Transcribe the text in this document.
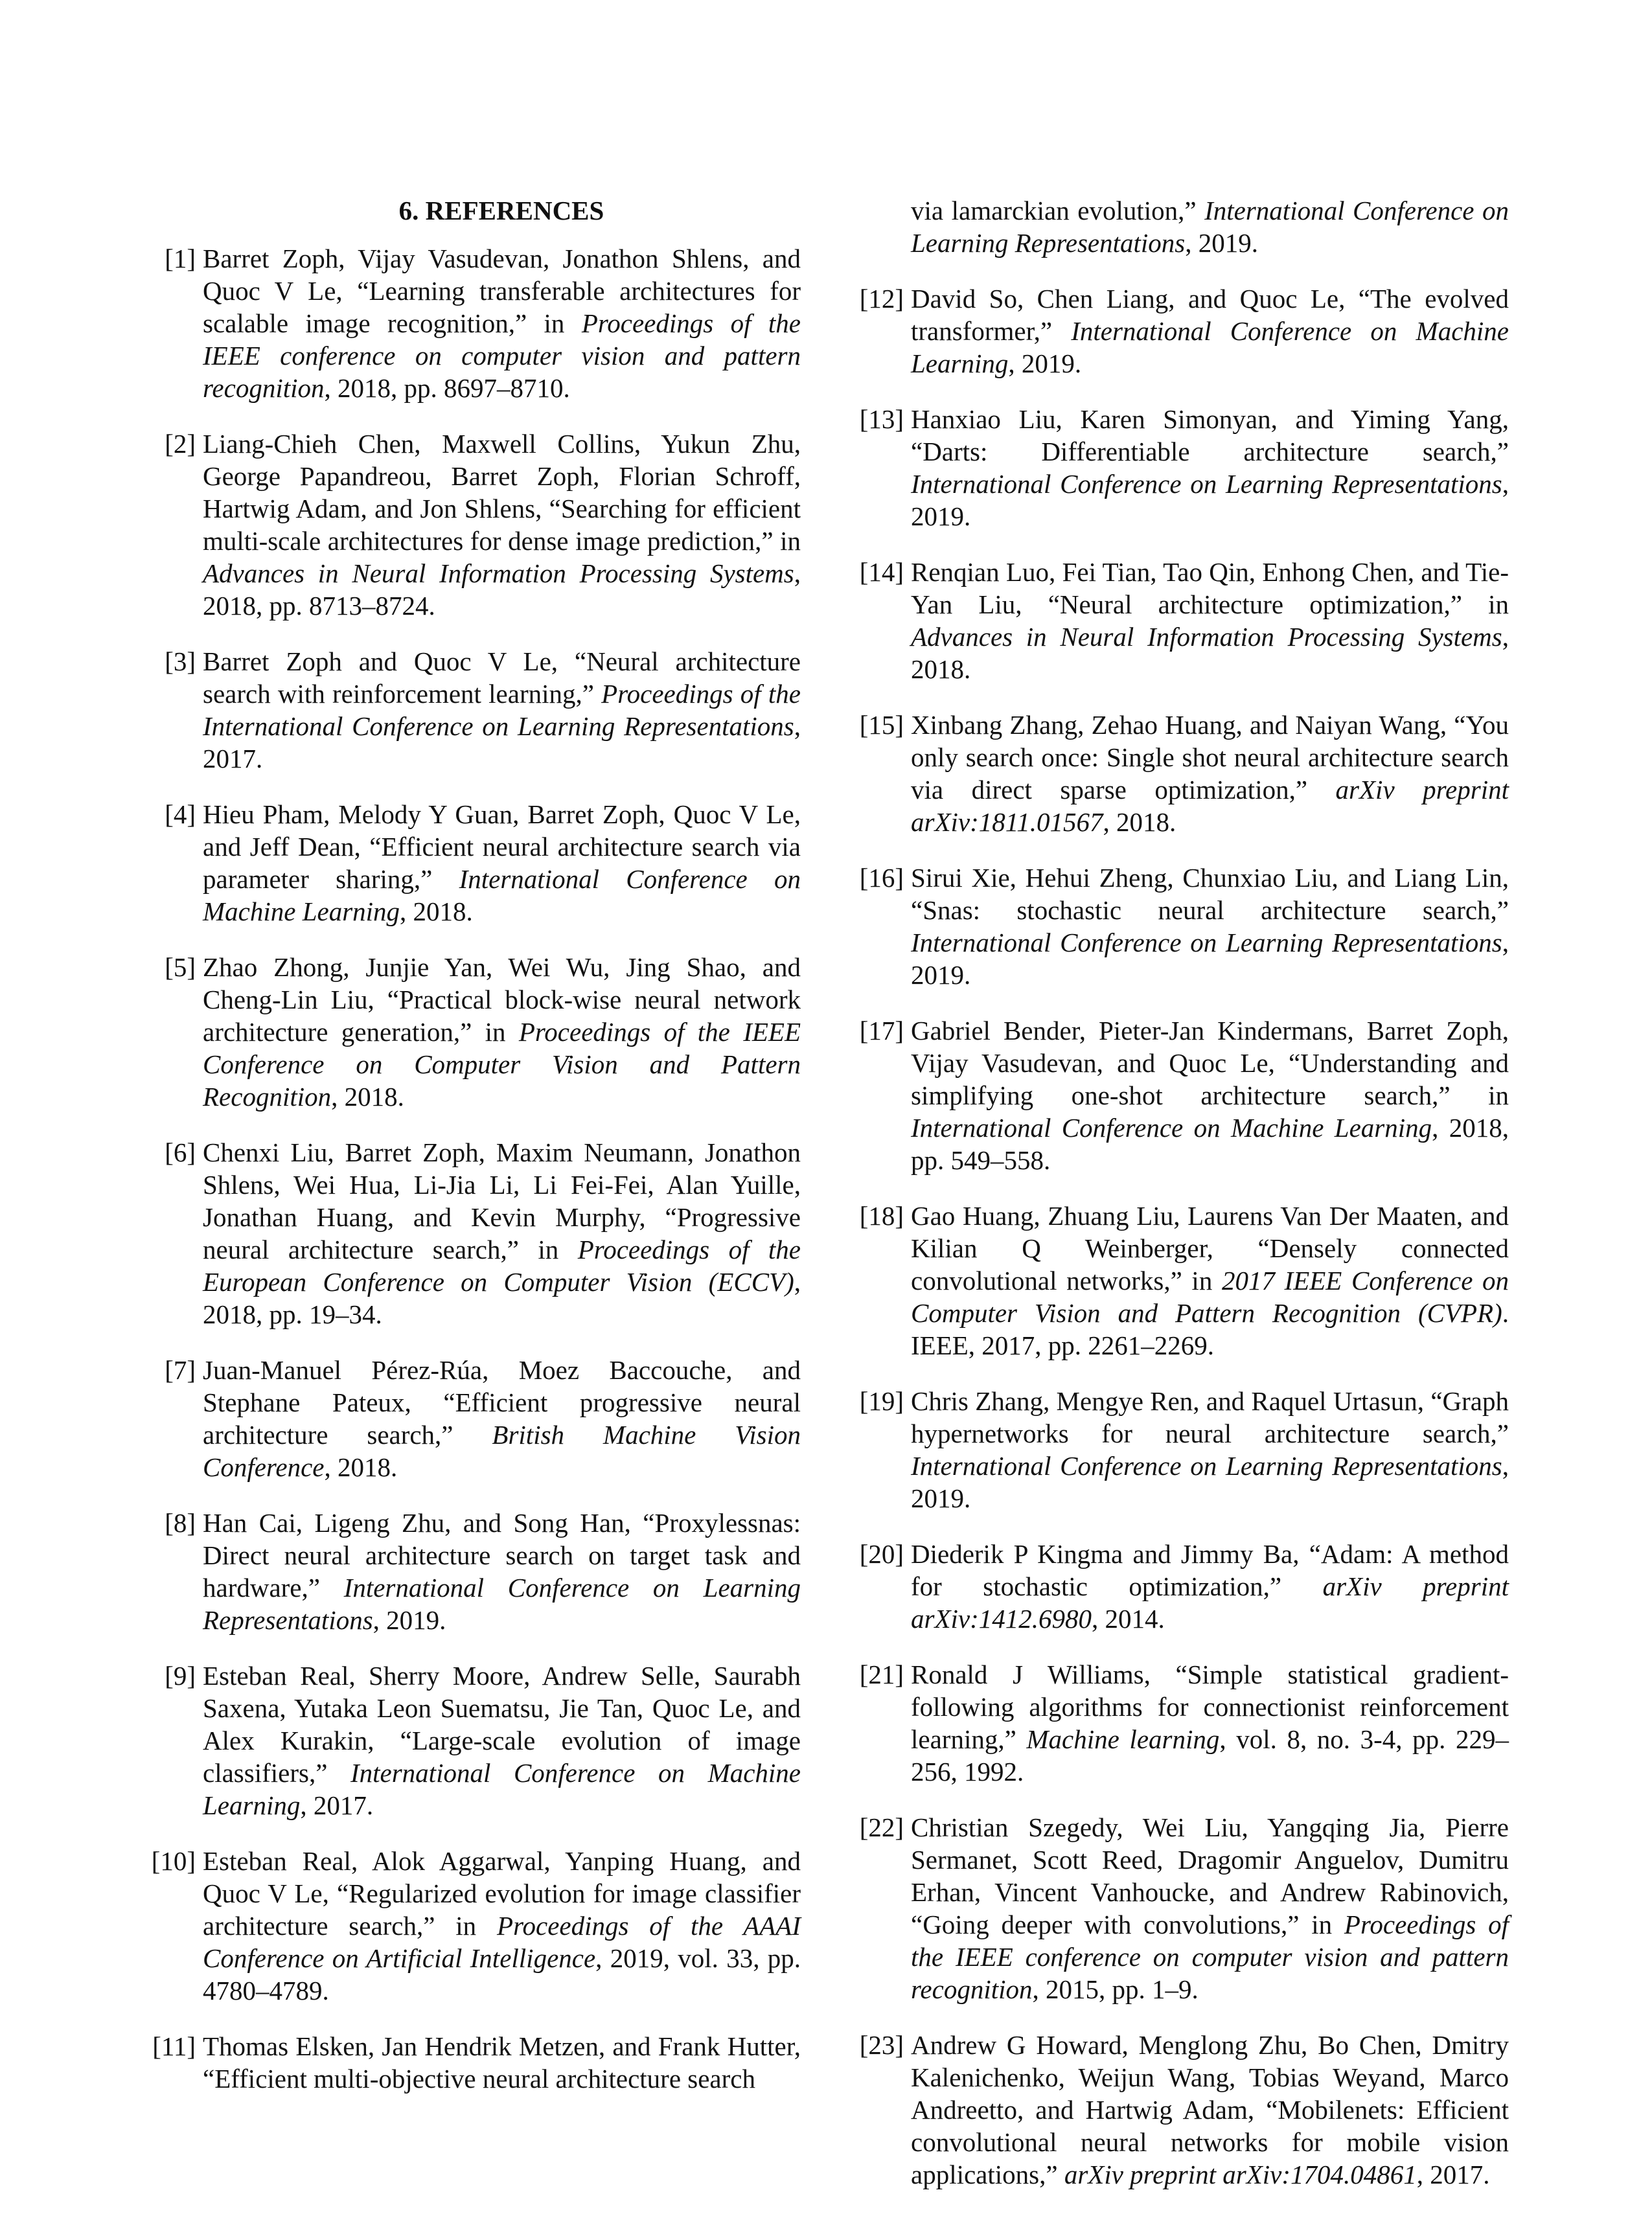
6. REFERENCES
[1] Barret Zoph, Vijay Vasudevan, Jonathon Shlens, and Quoc V Le, “Learning transferable architectures for scalable image recognition,” in Proceedings of the IEEE conference on computer vision and pattern recognition, 2018, pp. 8697–8710.
[2] Liang-Chieh Chen, Maxwell Collins, Yukun Zhu, George Papandreou, Barret Zoph, Florian Schroff, Hartwig Adam, and Jon Shlens, “Searching for efficient multi-scale architectures for dense image prediction,” in Advances in Neural Information Processing Systems, 2018, pp. 8713–8724.
[3] Barret Zoph and Quoc V Le, “Neural architecture search with reinforcement learning,” Proceedings of the International Conference on Learning Representations, 2017.
[4] Hieu Pham, Melody Y Guan, Barret Zoph, Quoc V Le, and Jeff Dean, “Efficient neural architecture search via parameter sharing,” International Conference on Machine Learning, 2018.
[5] Zhao Zhong, Junjie Yan, Wei Wu, Jing Shao, and Cheng-Lin Liu, “Practical block-wise neural network architecture generation,” in Proceedings of the IEEE Conference on Computer Vision and Pattern Recognition, 2018.
[6] Chenxi Liu, Barret Zoph, Maxim Neumann, Jonathon Shlens, Wei Hua, Li-Jia Li, Li Fei-Fei, Alan Yuille, Jonathan Huang, and Kevin Murphy, “Progressive neural architecture search,” in Proceedings of the European Conference on Computer Vision (ECCV), 2018, pp. 19–34.
[7] Juan-Manuel Pérez-Rúa, Moez Baccouche, and Stephane Pateux, “Efficient progressive neural architecture search,” British Machine Vision Conference, 2018.
[8] Han Cai, Ligeng Zhu, and Song Han, “Proxylessnas: Direct neural architecture search on target task and hardware,” International Conference on Learning Representations, 2019.
[9] Esteban Real, Sherry Moore, Andrew Selle, Saurabh Saxena, Yutaka Leon Suematsu, Jie Tan, Quoc Le, and Alex Kurakin, “Large-scale evolution of image classifiers,” International Conference on Machine Learning, 2017.
[10] Esteban Real, Alok Aggarwal, Yanping Huang, and Quoc V Le, “Regularized evolution for image classifier architecture search,” in Proceedings of the AAAI Conference on Artificial Intelligence, 2019, vol. 33, pp. 4780–4789.
[11] Thomas Elsken, Jan Hendrik Metzen, and Frank Hutter, “Efficient multi-objective neural architecture search
via lamarckian evolution,” International Conference on Learning Representations, 2019.
[12] David So, Chen Liang, and Quoc Le, “The evolved transformer,” International Conference on Machine Learning, 2019.
[13] Hanxiao Liu, Karen Simonyan, and Yiming Yang, “Darts: Differentiable architecture search,” International Conference on Learning Representations, 2019.
[14] Renqian Luo, Fei Tian, Tao Qin, Enhong Chen, and Tie-Yan Liu, “Neural architecture optimization,” in Advances in Neural Information Processing Systems, 2018.
[15] Xinbang Zhang, Zehao Huang, and Naiyan Wang, “You only search once: Single shot neural architecture search via direct sparse optimization,” arXiv preprint arXiv:1811.01567, 2018.
[16] Sirui Xie, Hehui Zheng, Chunxiao Liu, and Liang Lin, “Snas: stochastic neural architecture search,” International Conference on Learning Representations, 2019.
[17] Gabriel Bender, Pieter-Jan Kindermans, Barret Zoph, Vijay Vasudevan, and Quoc Le, “Understanding and simplifying one-shot architecture search,” in International Conference on Machine Learning, 2018, pp. 549–558.
[18] Gao Huang, Zhuang Liu, Laurens Van Der Maaten, and Kilian Q Weinberger, “Densely connected convolutional networks,” in 2017 IEEE Conference on Computer Vision and Pattern Recognition (CVPR). IEEE, 2017, pp. 2261–2269.
[19] Chris Zhang, Mengye Ren, and Raquel Urtasun, “Graph hypernetworks for neural architecture search,” International Conference on Learning Representations, 2019.
[20] Diederik P Kingma and Jimmy Ba, “Adam: A method for stochastic optimization,” arXiv preprint arXiv:1412.6980, 2014.
[21] Ronald J Williams, “Simple statistical gradient-following algorithms for connectionist reinforcement learning,” Machine learning, vol. 8, no. 3-4, pp. 229–256, 1992.
[22] Christian Szegedy, Wei Liu, Yangqing Jia, Pierre Sermanet, Scott Reed, Dragomir Anguelov, Dumitru Erhan, Vincent Vanhoucke, and Andrew Rabinovich, “Going deeper with convolutions,” in Proceedings of the IEEE conference on computer vision and pattern recognition, 2015, pp. 1–9.
[23] Andrew G Howard, Menglong Zhu, Bo Chen, Dmitry Kalenichenko, Weijun Wang, Tobias Weyand, Marco Andreetto, and Hartwig Adam, “Mobilenets: Efficient convolutional neural networks for mobile vision applications,” arXiv preprint arXiv:1704.04861, 2017.
